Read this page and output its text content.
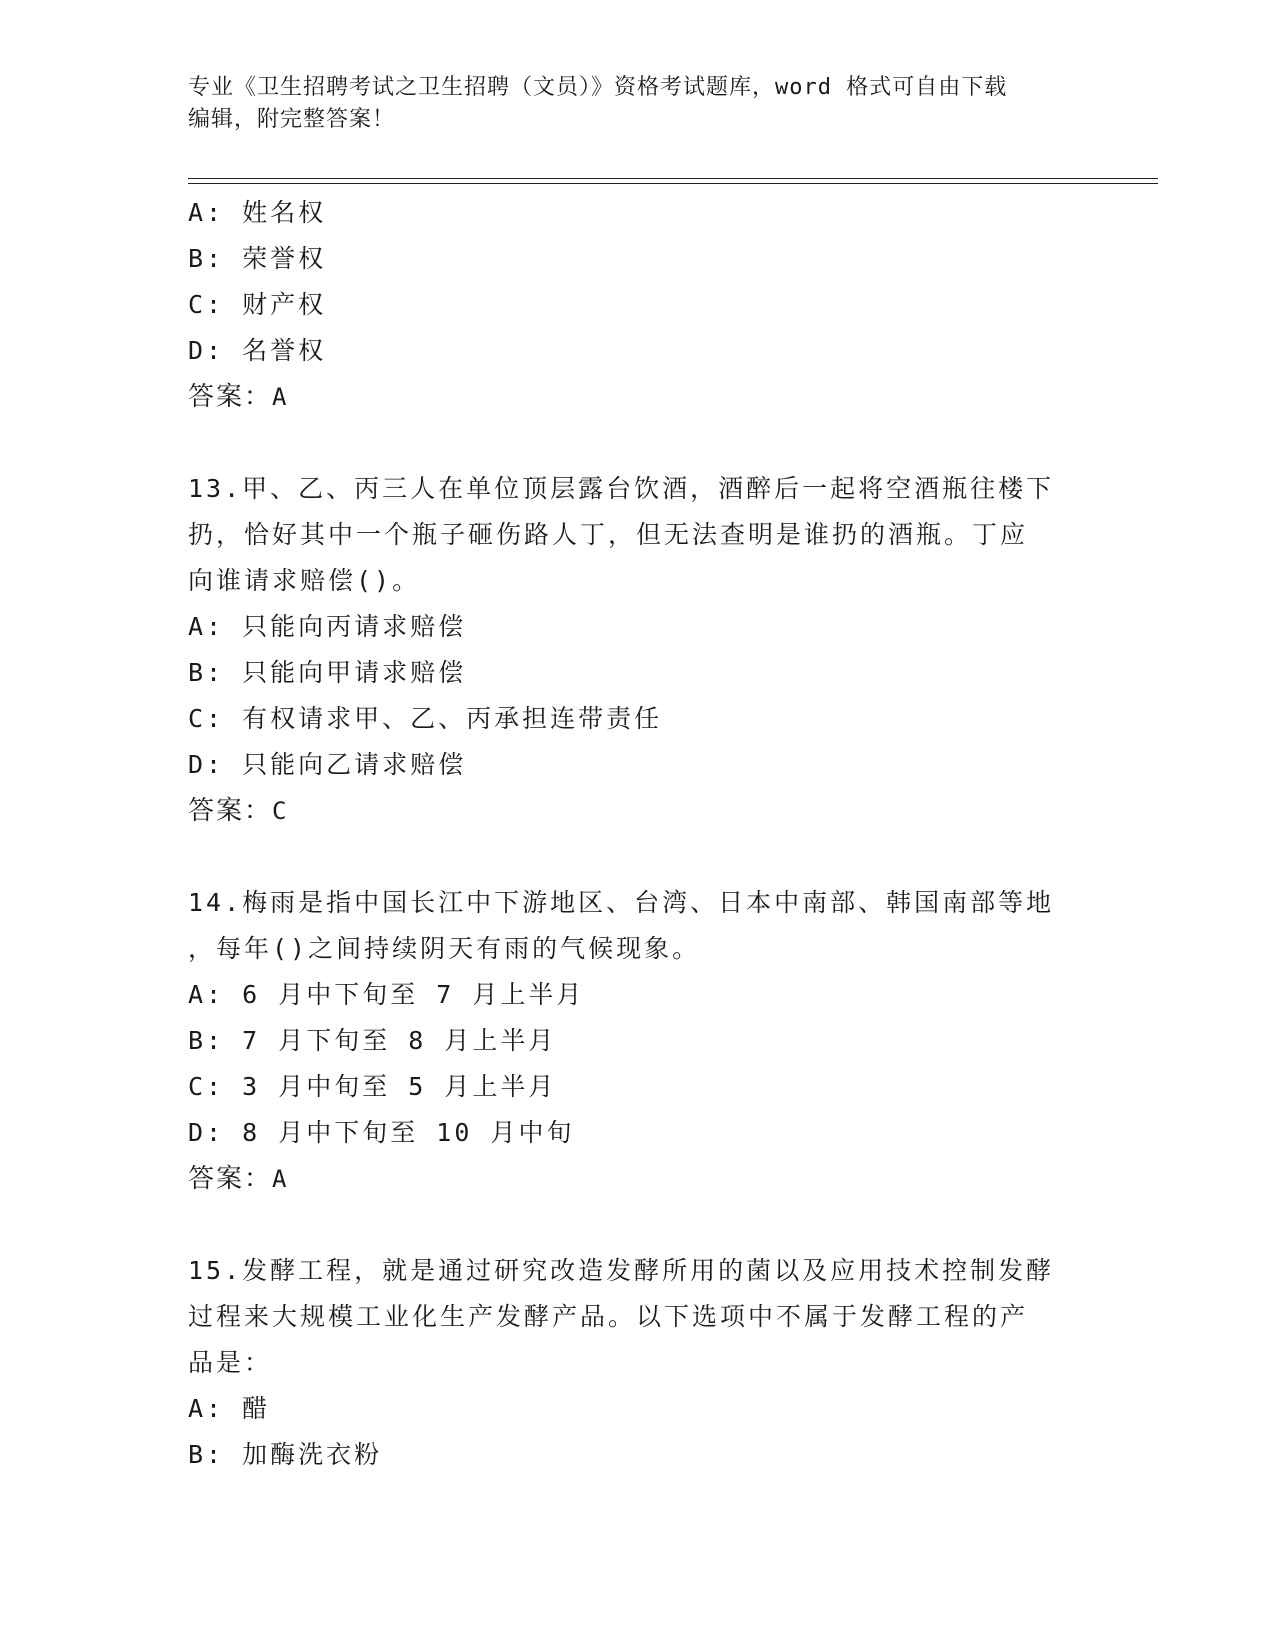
专业《卫生招聘考试之卫生招聘（文员）》资格考试题库，word 格式可自由下载
编辑，附完整答案！
A: 姓名权
B: 荣誉权
C: 财产权
D: 名誉权
答案：A
13.甲、乙、丙三人在单位顶层露台饮酒，酒醉后一起将空酒瓶往楼下
扔，恰好其中一个瓶子砸伤路人丁，但无法查明是谁扔的酒瓶。丁应
向谁请求赔偿()。
A: 只能向丙请求赔偿
B: 只能向甲请求赔偿
C: 有权请求甲、乙、丙承担连带责任
D: 只能向乙请求赔偿
答案：C
14.梅雨是指中国长江中下游地区、台湾、日本中南部、韩国南部等地
，每年()之间持续阴天有雨的气候现象。
A: 6 月中下旬至 7 月上半月
B: 7 月下旬至 8 月上半月
C: 3 月中旬至 5 月上半月
D: 8 月中下旬至 10 月中旬
答案：A
15.发酵工程，就是通过研究改造发酵所用的菌以及应用技术控制发酵
过程来大规模工业化生产发酵产品。以下选项中不属于发酵工程的产
品是：
A: 醋
B: 加酶洗衣粉
